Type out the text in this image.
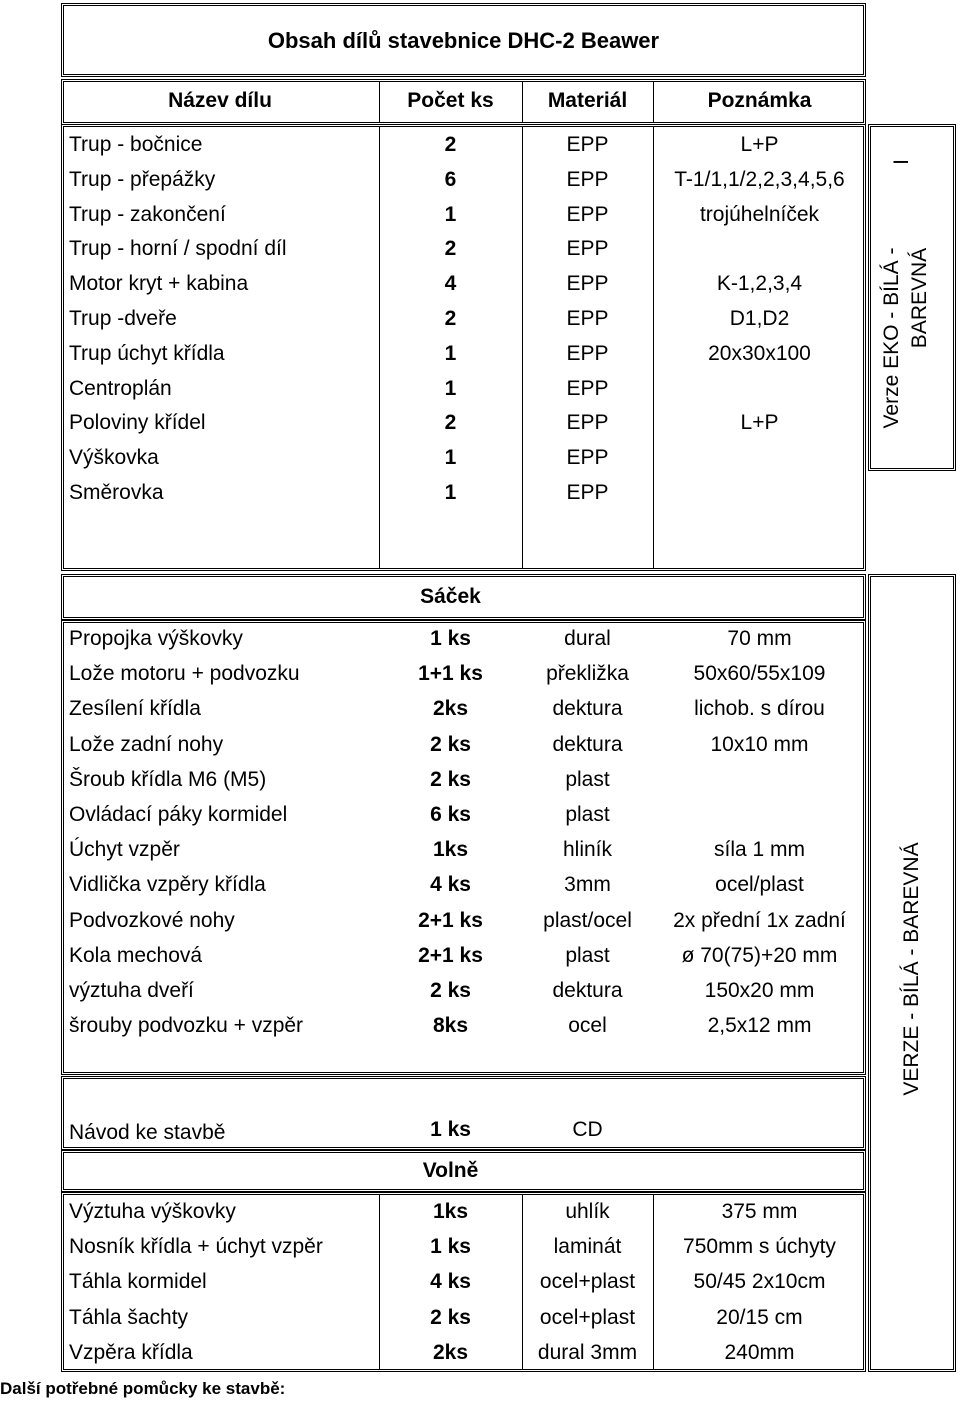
Obsah dílů stavebnice DHC-2 Beawer
Název dílu	Počet ks	Materiál	Poznámka
Trup - bočnice	2	EPP	L+P
Trup - přepážky	6	EPP	T-1/1,1/2,2,3,4,5,6
Trup - zakončení	1	EPP	trojúhelníček
Trup - horní / spodní díl	2	EPP
Motor kryt + kabina	4	EPP	K-1,2,3,4
Trup -dveře	2	EPP	D1,D2
Trup úchyt křídla	1	EPP	20x30x100
Centroplán	1	EPP
Poloviny křídel	2	EPP	L+P
Výškovka	1	EPP
Směrovka	1	EPP
I
Verze EKO - BÍLÁ - BAREVNÁ
Sáček
Propojka výškovky	1 ks	dural	70 mm
Lože motoru + podvozku	1+1 ks	překližka	50x60/55x109
Zesílení křídla	2ks	dektura	lichob. s dírou
Lože zadní nohy	2 ks	dektura	10x10 mm
Šroub křídla M6 (M5)	2 ks	plast
Ovládací páky kormidel	6 ks	plast
Úchyt vzpěr	1ks	hliník	síla 1 mm
Vidlička vzpěry křídla	4 ks	3mm	ocel/plast
Podvozkové nohy	2+1 ks	plast/ocel	2x přední 1x zadní
Kola mechová	2+1 ks	plast	ø 70(75)+20 mm
výztuha dveří	2 ks	dektura	150x20 mm
šrouby podvozku + vzpěr	8ks	ocel	2,5x12 mm
Návod ke stavbě	1 ks	CD
Volně
Výztuha výškovky	1ks	uhlík	375 mm
Nosník křídla + úchyt vzpěr	1 ks	laminát	750mm s úchyty
Táhla kormidel	4 ks	ocel+plast	50/45 2x10cm
Táhla šachty	2 ks	ocel+plast	20/15 cm
Vzpěra křídla	2ks	dural 3mm	240mm
VERZE - BÍLÁ - BAREVNÁ
Další potřebné pomůcky ke stavbě:
